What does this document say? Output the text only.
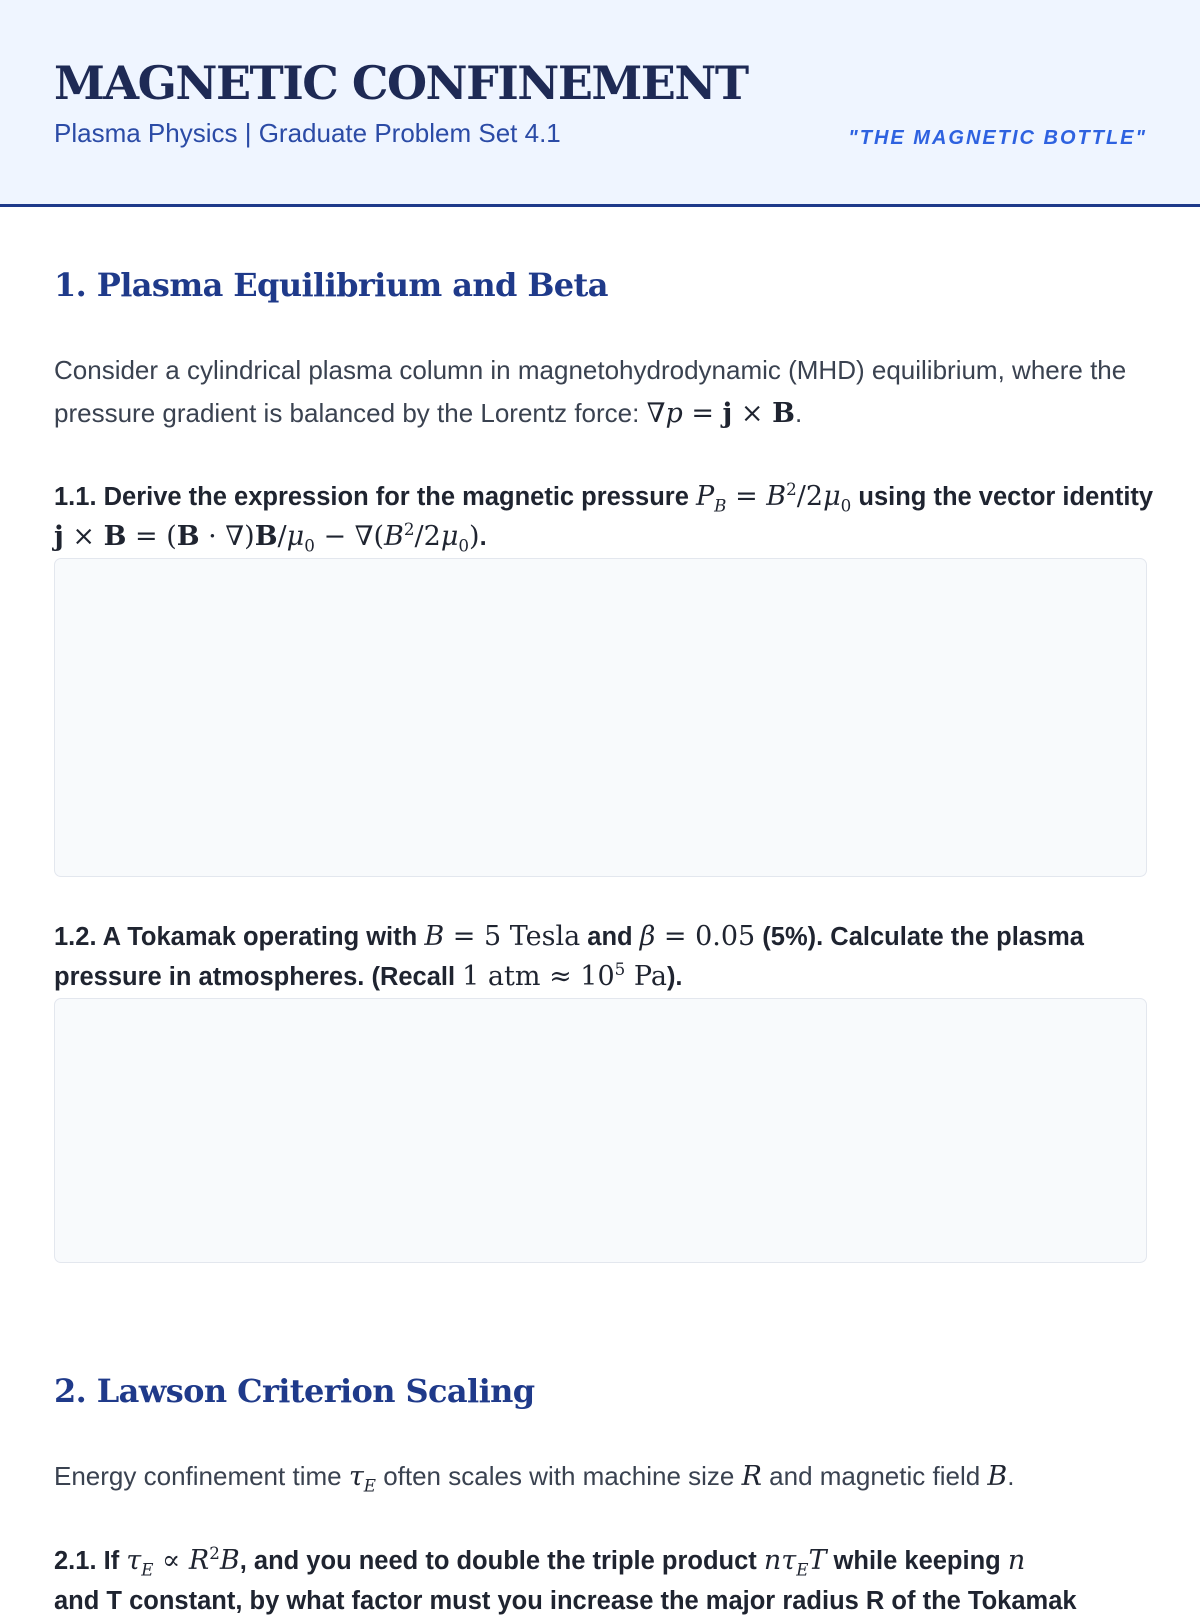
MAGNETIC CONFINEMENT
Plasma Physics | Graduate Problem Set 4.1	"THE MAGNETIC BOTTLE"
1. Plasma Equilibrium and Beta

Consider a cylindrical plasma column in magnetohydrodynamic (MHD) equilibrium, where the pressure gradient is balanced by the Lorentz force: ∇p = j × B.

1.1. Derive the expression for the magnetic pressure $P_B = B^2/2\mu_0$ using the vector identity $j \times B = (B \cdot \nabla)B/\mu_0 - \nabla(B^2/2\mu_0)$.

1.2. A Tokamak operating with B = 5 Tesla and β = 0.05 (5%). Calculate the plasma pressure in atmospheres. (Recall 1 atm ≈ $10^5$ Pa).

2. Lawson Criterion Scaling

Energy confinement time $\tau_E$ often scales with machine size R and magnetic field B.

2.1. If $\tau_E \propto R^2B$, and you need to double the triple product $n\tau_ET$ while keeping n
and T constant, by what factor must you increase the major radius R of the Tokamak
